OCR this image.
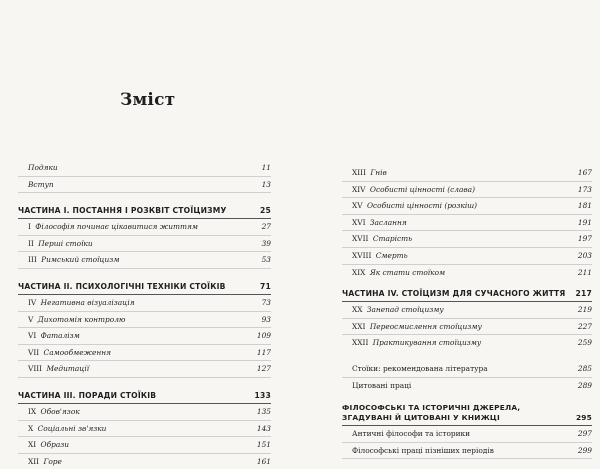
Зміст
Подяки	11
Вступ	13
ЧАСТИНА І. ПОСТАННЯ І РОЗКВІТ СТОЇЦИЗМУ	25
I Філософія починає цікавитися життям	27
II Перші стоїки	39
III Римський стоїцизм	53
ЧАСТИНА ІІ. ПСИХОЛОГІЧНІ ТЕХНІКИ СТОЇКІВ	71
IV Негативна візуалізація	73
V Дихотомія контролю	93
VI Фаталізм	109
VII Самообмеження	117
VIII Медитації	127
ЧАСТИНА ІІІ. ПОРАДИ СТОЇКІВ	133
IX Обов'язок	135
X Соціальні зв'язки	143
XI Образи	151
XII Горе	161
XIII Гнів	167
XIV Особисті цінності (слава)	173
XV Особисті цінності (розкіш)	181
XVI Заслання	191
XVII Старість	197
XVIII Смерть	203
XIX Як стати стоїком	211
ЧАСТИНА IV. СТОЇЦИЗМ ДЛЯ СУЧАСНОГО ЖИТТЯ 217
XX Занепад стоїцизму	219
XXI Переосмислення стоїцизму	227
XXII Практикування стоїцизму	259
Стоїки: рекомендована література	285
Цитовані праці	289
ФІЛОСОФСЬКІ ТА ІСТОРИЧНІ ДЖЕРЕЛА,
ЗГАДУВАНІ Й ЦИТОВАНІ У КНИЖЦІ	295
Античні філософи та історики	297
Філософські праці пізніших періодів	299
